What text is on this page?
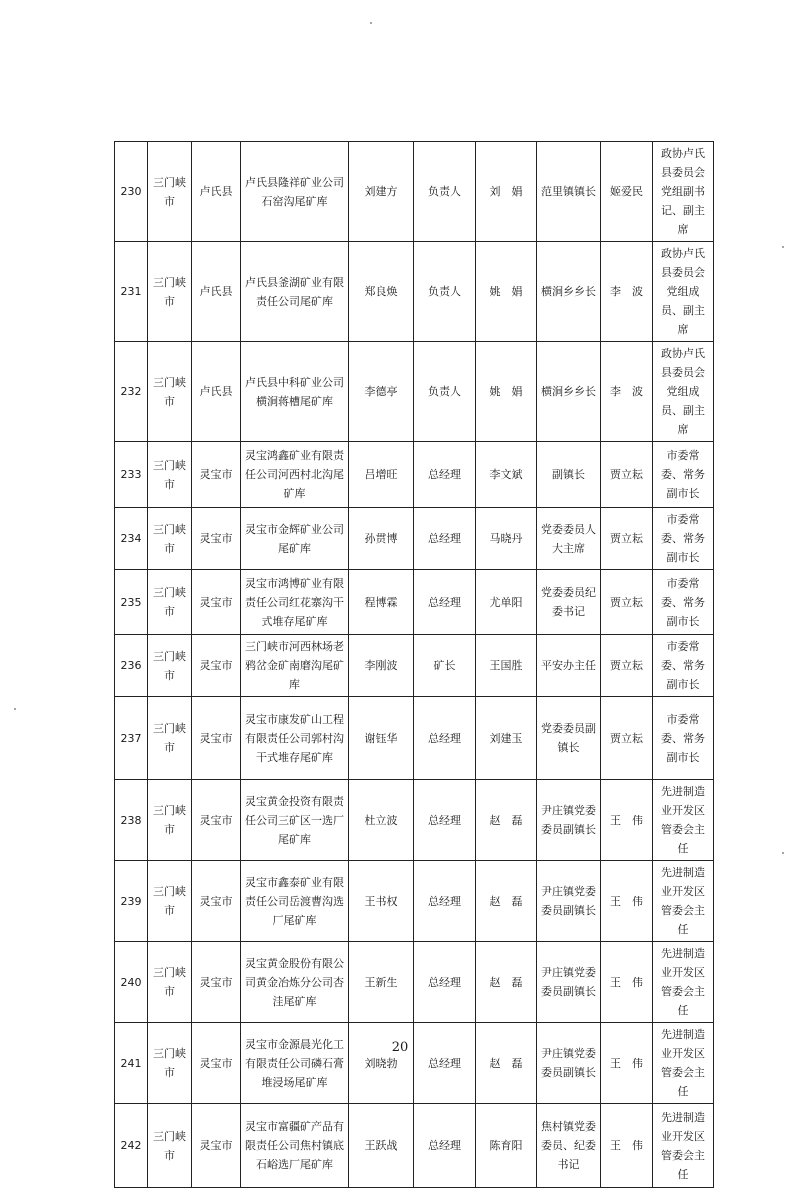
230	三门峡市	卢氏县	卢氏县隆祥矿业公司石窑沟尾矿库	刘建方	负责人	刘　娟	范里镇镇长	姬爱民	政协卢氏县委员会党组副书记、副主席
231	三门峡市	卢氏县	卢氏县釜湖矿业有限责任公司尾矿库	郑良焕	负责人	姚　娟	横涧乡乡长	李　波	政协卢氏县委员会党组成员、副主席
232	三门峡市	卢氏县	卢氏县中科矿业公司横涧蒋槽尾矿库	李德亭	负责人	姚　娟	横涧乡乡长	李　波	政协卢氏县委员会党组成员、副主席
233	三门峡市	灵宝市	灵宝鸿鑫矿业有限责任公司河西村北沟尾矿库	吕增旺	总经理	李文斌	副镇长	贾立耘	市委常委、常务副市长
234	三门峡市	灵宝市	灵宝市金辉矿业公司尾矿库	孙贯博	总经理	马晓丹	党委委员人大主席	贾立耘	市委常委、常务副市长
235	三门峡市	灵宝市	灵宝市鸿博矿业有限责任公司红花寨沟干式堆存尾矿库	程博霖	总经理	尤单阳	党委委员纪委书记	贾立耘	市委常委、常务副市长
236	三门峡市	灵宝市	三门峡市河西林场老鸦岔金矿南磨沟尾矿库	李刚波	矿长	王国胜	平安办主任	贾立耘	市委常委、常务副市长
237	三门峡市	灵宝市	灵宝市康发矿山工程有限责任公司郭村沟干式堆存尾矿库	谢钰华	总经理	刘建玉	党委委员副镇长	贾立耘	市委常委、常务副市长
238	三门峡市	灵宝市	灵宝黄金投资有限责任公司三矿区一选厂尾矿库	杜立波	总经理	赵　磊	尹庄镇党委委员副镇长	王　伟	先进制造业开发区管委会主任
239	三门峡市	灵宝市	灵宝市鑫泰矿业有限责任公司岳渡曹沟选厂尾矿库	王书权	总经理	赵　磊	尹庄镇党委委员副镇长	王　伟	先进制造业开发区管委会主任
240	三门峡市	灵宝市	灵宝黄金股份有限公司黄金冶炼分公司杏洼尾矿库	王新生	总经理	赵　磊	尹庄镇党委委员副镇长	王　伟	先进制造业开发区管委会主任
241	三门峡市	灵宝市	灵宝市金源晨光化工有限责任公司磷石膏堆浸场尾矿库	刘晓勃	总经理	赵　磊	尹庄镇党委委员副镇长	王　伟	先进制造业开发区管委会主任
242	三门峡市	灵宝市	灵宝市富疆矿产品有限责任公司焦村镇底石峪选厂尾矿库	王跃战	总经理	陈育阳	焦村镇党委委员、纪委书记	王　伟	先进制造业开发区管委会主任
20
